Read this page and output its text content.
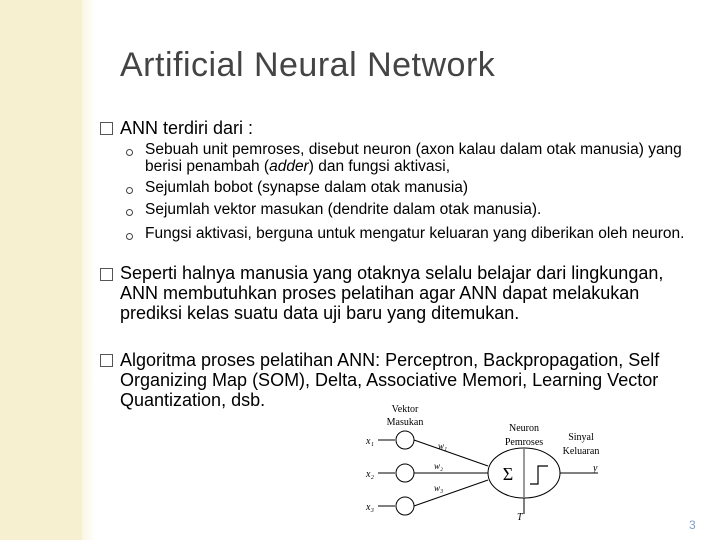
Artificial Neural Network
ANN terdiri dari :
Sebuah unit pemroses, disebut neuron (axon kalau dalam otak manusia) yang berisi penambah (adder) dan fungsi aktivasi,
Sejumlah bobot (synapse dalam otak manusia)
Sejumlah vektor masukan (dendrite dalam otak manusia).
Fungsi aktivasi, berguna untuk mengatur keluaran yang diberikan oleh neuron.
Seperti halnya manusia yang otaknya selalu belajar dari lingkungan, ANN membutuhkan proses pelatihan agar ANN dapat melakukan prediksi kelas suatu data uji baru yang ditemukan.
Algoritma proses pelatihan ANN: Perceptron, Backpropagation, Self Organizing Map (SOM), Delta, Associative Memori, Learning Vector Quantization, dsb.	Vektor
Masukan
Neuron
Pemroses	Sinyal
Keluaran
x₁
x₂
x₃
w₁
w₂
w₃
Σ	y
T
3
